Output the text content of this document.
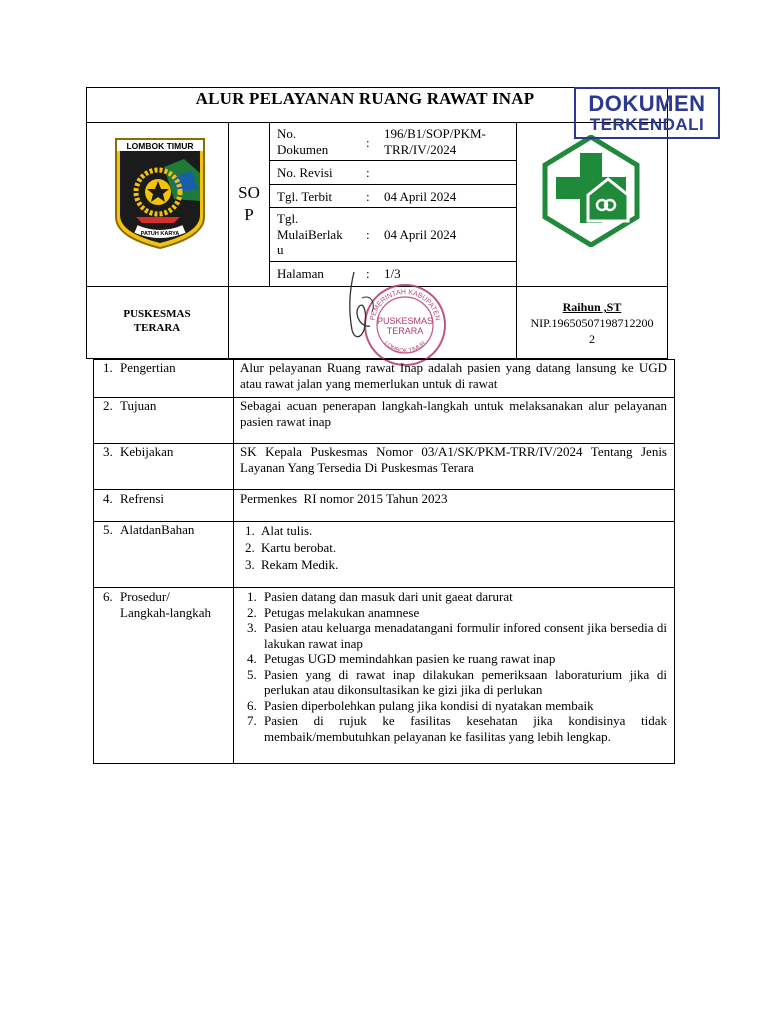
ALUR PELAYANAN RUANG RAWAT INAP
LOMBOK TIMUR
PATUH KARYA
SO
P
No.
Dokumen	:
196/B1/SOP/PKM-
TRR/IV/2024
No. Revisi	:
Tgl. Terbit	: 04 April 2024
Tgl.
MulaiBerlak
u
: 04 April 2024
Halaman	: 1/3
PUSKESMAS
TERARA
PEMERINTAH KABUPATEN
LOMBOK TIMUR
PUSKESMAS
TERARA
Raihun ,ST
NIP.19650507198712200
2
DOKUMEN
TERKENDALI
1. Pengertian	Alur pelayanan Ruang rawat Inap adalah pasien yang datang lansung ke UGD atau rawat jalan yang memerlukan untuk di rawat
2. Tujuan	Sebagai acuan penerapan langkah-langkah untuk melaksanakan alur pelayanan pasien rawat inap
3. Kebijakan	SK Kepala Puskesmas Nomor 03/A1/SK/PKM-TRR/IV/2024 Tentang Jenis Layanan Yang Tersedia Di Puskesmas Terara
4. Refrensi	Permenkes  RI nomor 2015 Tahun 2023
5. AlatdanBahan
1.	Alat tulis.
2. Kartu berobat.
3. Rekam Medik.
6. Prosedur/
Langkah-langkah
1. Pasien datang dan masuk dari unit gaeat darurat
2. Petugas melakukan anamnese
3. Pasien atau keluarga menadatangani formulir infored consent jika bersedia di lakukan rawat inap
4. Petugas UGD memindahkan pasien ke ruang rawat inap
5. Pasien yang di rawat inap dilakukan pemeriksaan laboraturium jika di perlukan atau dikonsultasikan ke gizi jika di perlukan
6. Pasien diperbolehkan pulang jika kondisi di nyatakan membaik
7. Pasien di rujuk ke fasilitas kesehatan jika kondisinya tidak membaik/membutuhkan pelayanan ke fasilitas yang lebih lengkap.
